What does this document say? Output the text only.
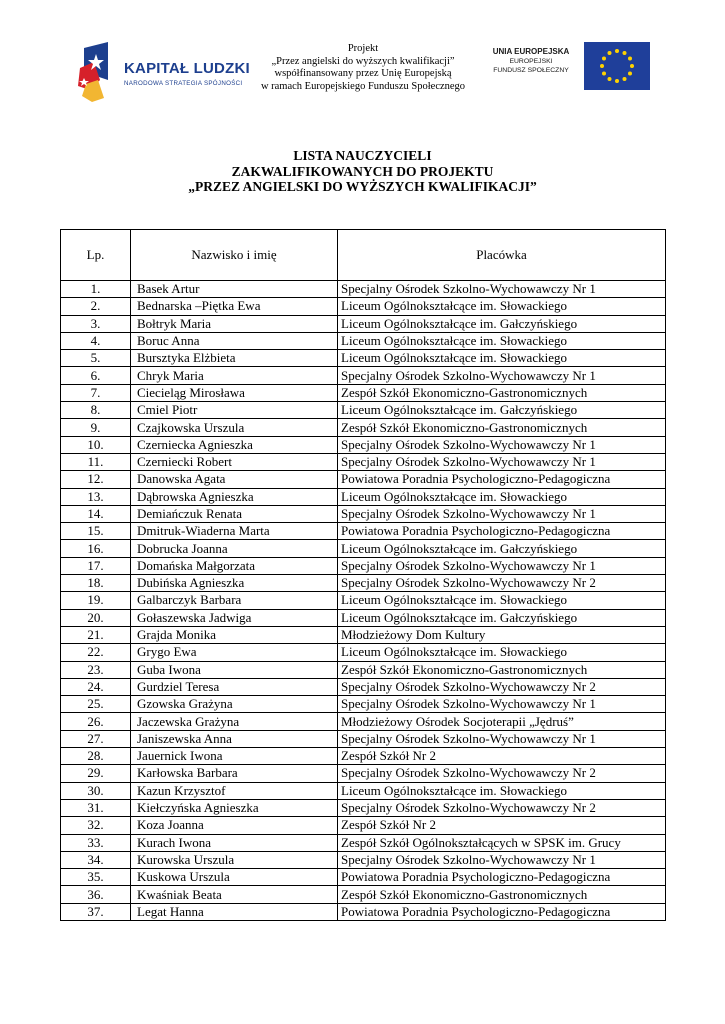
KAPITAŁ LUDZKI
NARODOWA STRATEGIA SPÓJNOŚCI
Projekt
„Przez angielski do wyższych kwalifikacji”
współfinansowany przez Unię Europejską
w ramach Europejskiego Funduszu Społecznego
UNIA EUROPEJSKA
EUROPEJSKI
FUNDUSZ SPOŁECZNY
LISTA NAUCZYCIELI
ZAKWALIFIKOWANYCH DO PROJEKTU
„PRZEZ ANGIELSKI DO WYŻSZYCH KWALIFIKACJI”
Lp.	Nazwisko i imię	Placówka
1.	Basek Artur	Specjalny Ośrodek Szkolno-Wychowawczy Nr 1
2.	Bednarska –Piętka Ewa	Liceum Ogólnokształcące im. Słowackiego
3.	Bołtryk Maria	Liceum Ogólnokształcące im. Gałczyńskiego
4.	Boruc Anna	Liceum Ogólnokształcące im. Słowackiego
5.	Bursztyka Elżbieta	Liceum Ogólnokształcące im. Słowackiego
6.	Chryk Maria	Specjalny Ośrodek Szkolno-Wychowawczy Nr 1
7.	Ciecieląg Mirosława	Zespół Szkół Ekonomiczno-Gastronomicznych
8.	Cmiel Piotr	Liceum Ogólnokształcące im. Gałczyńskiego
9.	Czajkowska Urszula	Zespół Szkół Ekonomiczno-Gastronomicznych
10.	Czerniecka Agnieszka	Specjalny Ośrodek Szkolno-Wychowawczy Nr 1
11.	Czerniecki Robert	Specjalny Ośrodek Szkolno-Wychowawczy Nr 1
12.	Danowska Agata	Powiatowa Poradnia Psychologiczno-Pedagogiczna
13.	Dąbrowska Agnieszka	Liceum Ogólnokształcące im. Słowackiego
14.	Demiańczuk Renata	Specjalny Ośrodek Szkolno-Wychowawczy Nr 1
15.	Dmitruk-Wiaderna Marta	Powiatowa Poradnia Psychologiczno-Pedagogiczna
16.	Dobrucka Joanna	Liceum Ogólnokształcące im. Gałczyńskiego
17.	Domańska Małgorzata	Specjalny Ośrodek Szkolno-Wychowawczy Nr 1
18.	Dubińska Agnieszka	Specjalny Ośrodek Szkolno-Wychowawczy Nr 2
19.	Galbarczyk Barbara	Liceum Ogólnokształcące im. Słowackiego
20.	Gołaszewska Jadwiga	Liceum Ogólnokształcące im. Gałczyńskiego
21.	Grajda Monika	Młodzieżowy Dom Kultury
22.	Grygo Ewa	Liceum Ogólnokształcące im. Słowackiego
23.	Guba Iwona	Zespół Szkół Ekonomiczno-Gastronomicznych
24.	Gurdziel Teresa	Specjalny Ośrodek Szkolno-Wychowawczy Nr 2
25.	Gzowska Grażyna	Specjalny Ośrodek Szkolno-Wychowawczy Nr 1
26.	Jaczewska Grażyna	Młodzieżowy Ośrodek Socjoterapii „Jędruś”
27.	Janiszewska Anna	Specjalny Ośrodek Szkolno-Wychowawczy Nr 1
28.	Jauernick Iwona	Zespół Szkół Nr 2
29.	Karłowska Barbara	Specjalny Ośrodek Szkolno-Wychowawczy Nr 2
30.	Kazun Krzysztof	Liceum Ogólnokształcące im. Słowackiego
31.	Kiełczyńska Agnieszka	Specjalny Ośrodek Szkolno-Wychowawczy Nr 2
32.	Koza Joanna	Zespół Szkół Nr 2
33.	Kurach Iwona	Zespół Szkół Ogólnokształcących w SPSK im. Grucy
34.	Kurowska Urszula	Specjalny Ośrodek Szkolno-Wychowawczy Nr 1
35.	Kuskowa Urszula	Powiatowa Poradnia Psychologiczno-Pedagogiczna
36.	Kwaśniak Beata	Zespół Szkół Ekonomiczno-Gastronomicznych
37.	Legat Hanna	Powiatowa Poradnia Psychologiczno-Pedagogiczna
